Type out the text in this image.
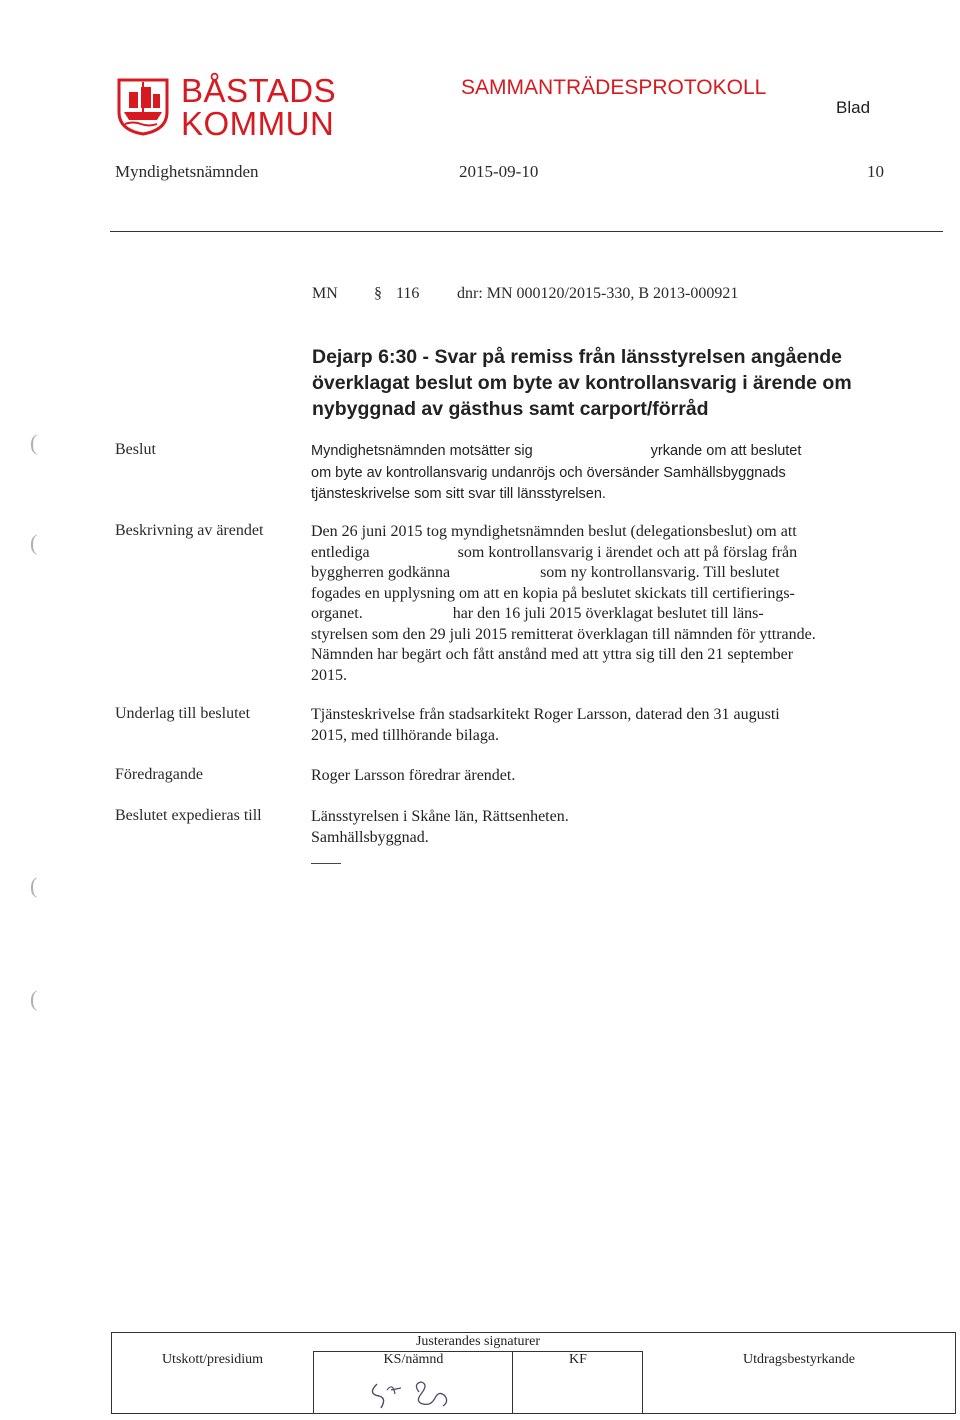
BÅSTADS
KOMMUN
SAMMANTRÄDESPROTOKOLL
Blad
Myndighetsnämnden	2015-09-10	10
MN § 116 dnr: MN 000120/2015-330, B 2013-000921
Dejarp 6:30 - Svar på remiss från länsstyrelsen angående
överklagat beslut om byte av kontrollansvarig i ärende om
nybyggnad av gästhus samt carport/förråd
(
(
(
(
Beslut	Myndighetsnämnden motsätter sig	yrkande om att beslutet
om byte av kontrollansvarig undanröjs och översänder Samhällsbyggnads
tjänsteskrivelse som sitt svar till länsstyrelsen.
Beskrivning av ärendet	Den 26 juni 2015 tog myndighetsnämnden beslut (delegationsbeslut) om att
entlediga	som kontrollansvarig i ärendet och att på förslag från
byggherren godkänna	som ny kontrollansvarig. Till beslutet
fogades en upplysning om att en kopia på beslutet skickats till certifierings-
organet.	har den 16 juli 2015 överklagat beslutet till läns-
styrelsen som den 29 juli 2015 remitterat överklagan till nämnden för yttrande.
Nämnden har begärt och fått anstånd med att yttra sig till den 21 september
2015.
Underlag till beslutet	Tjänsteskrivelse från stadsarkitekt Roger Larsson, daterad den 31 augusti
2015, med tillhörande bilaga.
Föredragande	Roger Larsson föredrar ärendet.
Beslutet expedieras till	Länsstyrelsen i Skåne län, Rättsenheten.
Samhällsbyggnad.
Justerandes signaturer
Utskott/presidium	KS/nämnd	KF	Utdragsbestyrkande
